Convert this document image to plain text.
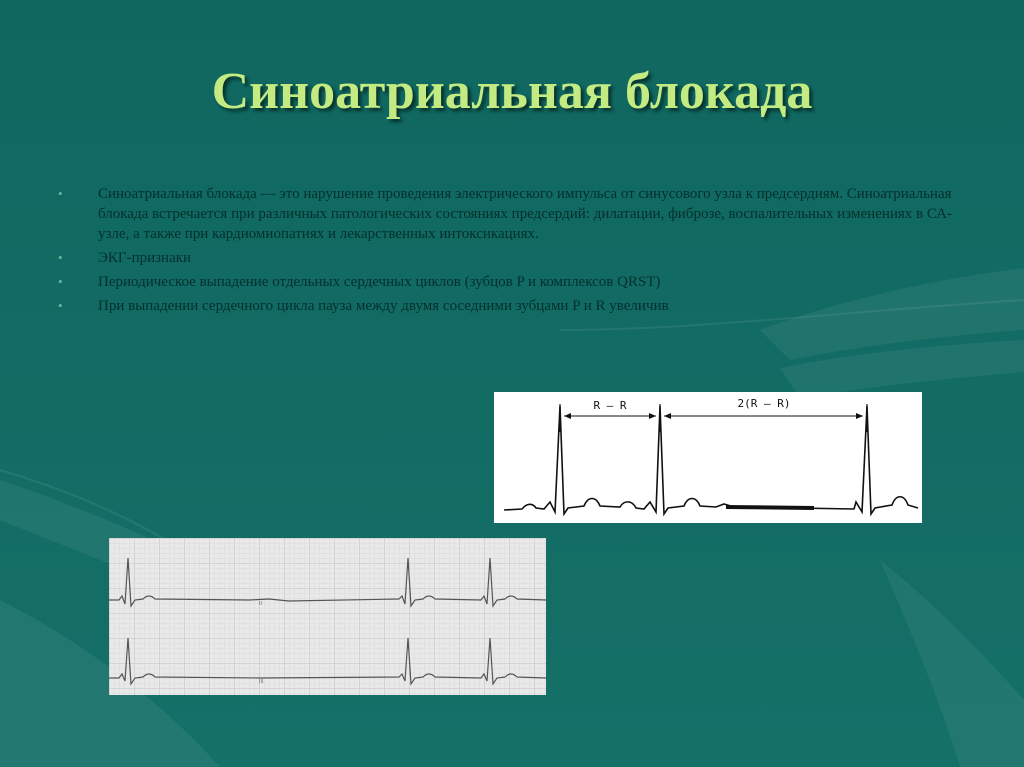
Синоатриальная блокада
•	Синоатриальная блокада — это нарушение проведения электрического импульса от синусового узла к предсердиям. Синоатриальная блокада встречается при различных патологических состояниях предсердий: дилатации, фиброзе, воспалительных изменениях в СА-узле, а также при кардиомиопатиях и лекарственных интоксикациях.
•	ЭКГ-признаки
•	Периодическое выпадение отдельных сердечных циклов (зубцов P и комплексов QRST)
•	При выпадении сердечного цикла пауза между двумя соседними зубцами P и R увеличив
R – R	2(R – R)
II
III
